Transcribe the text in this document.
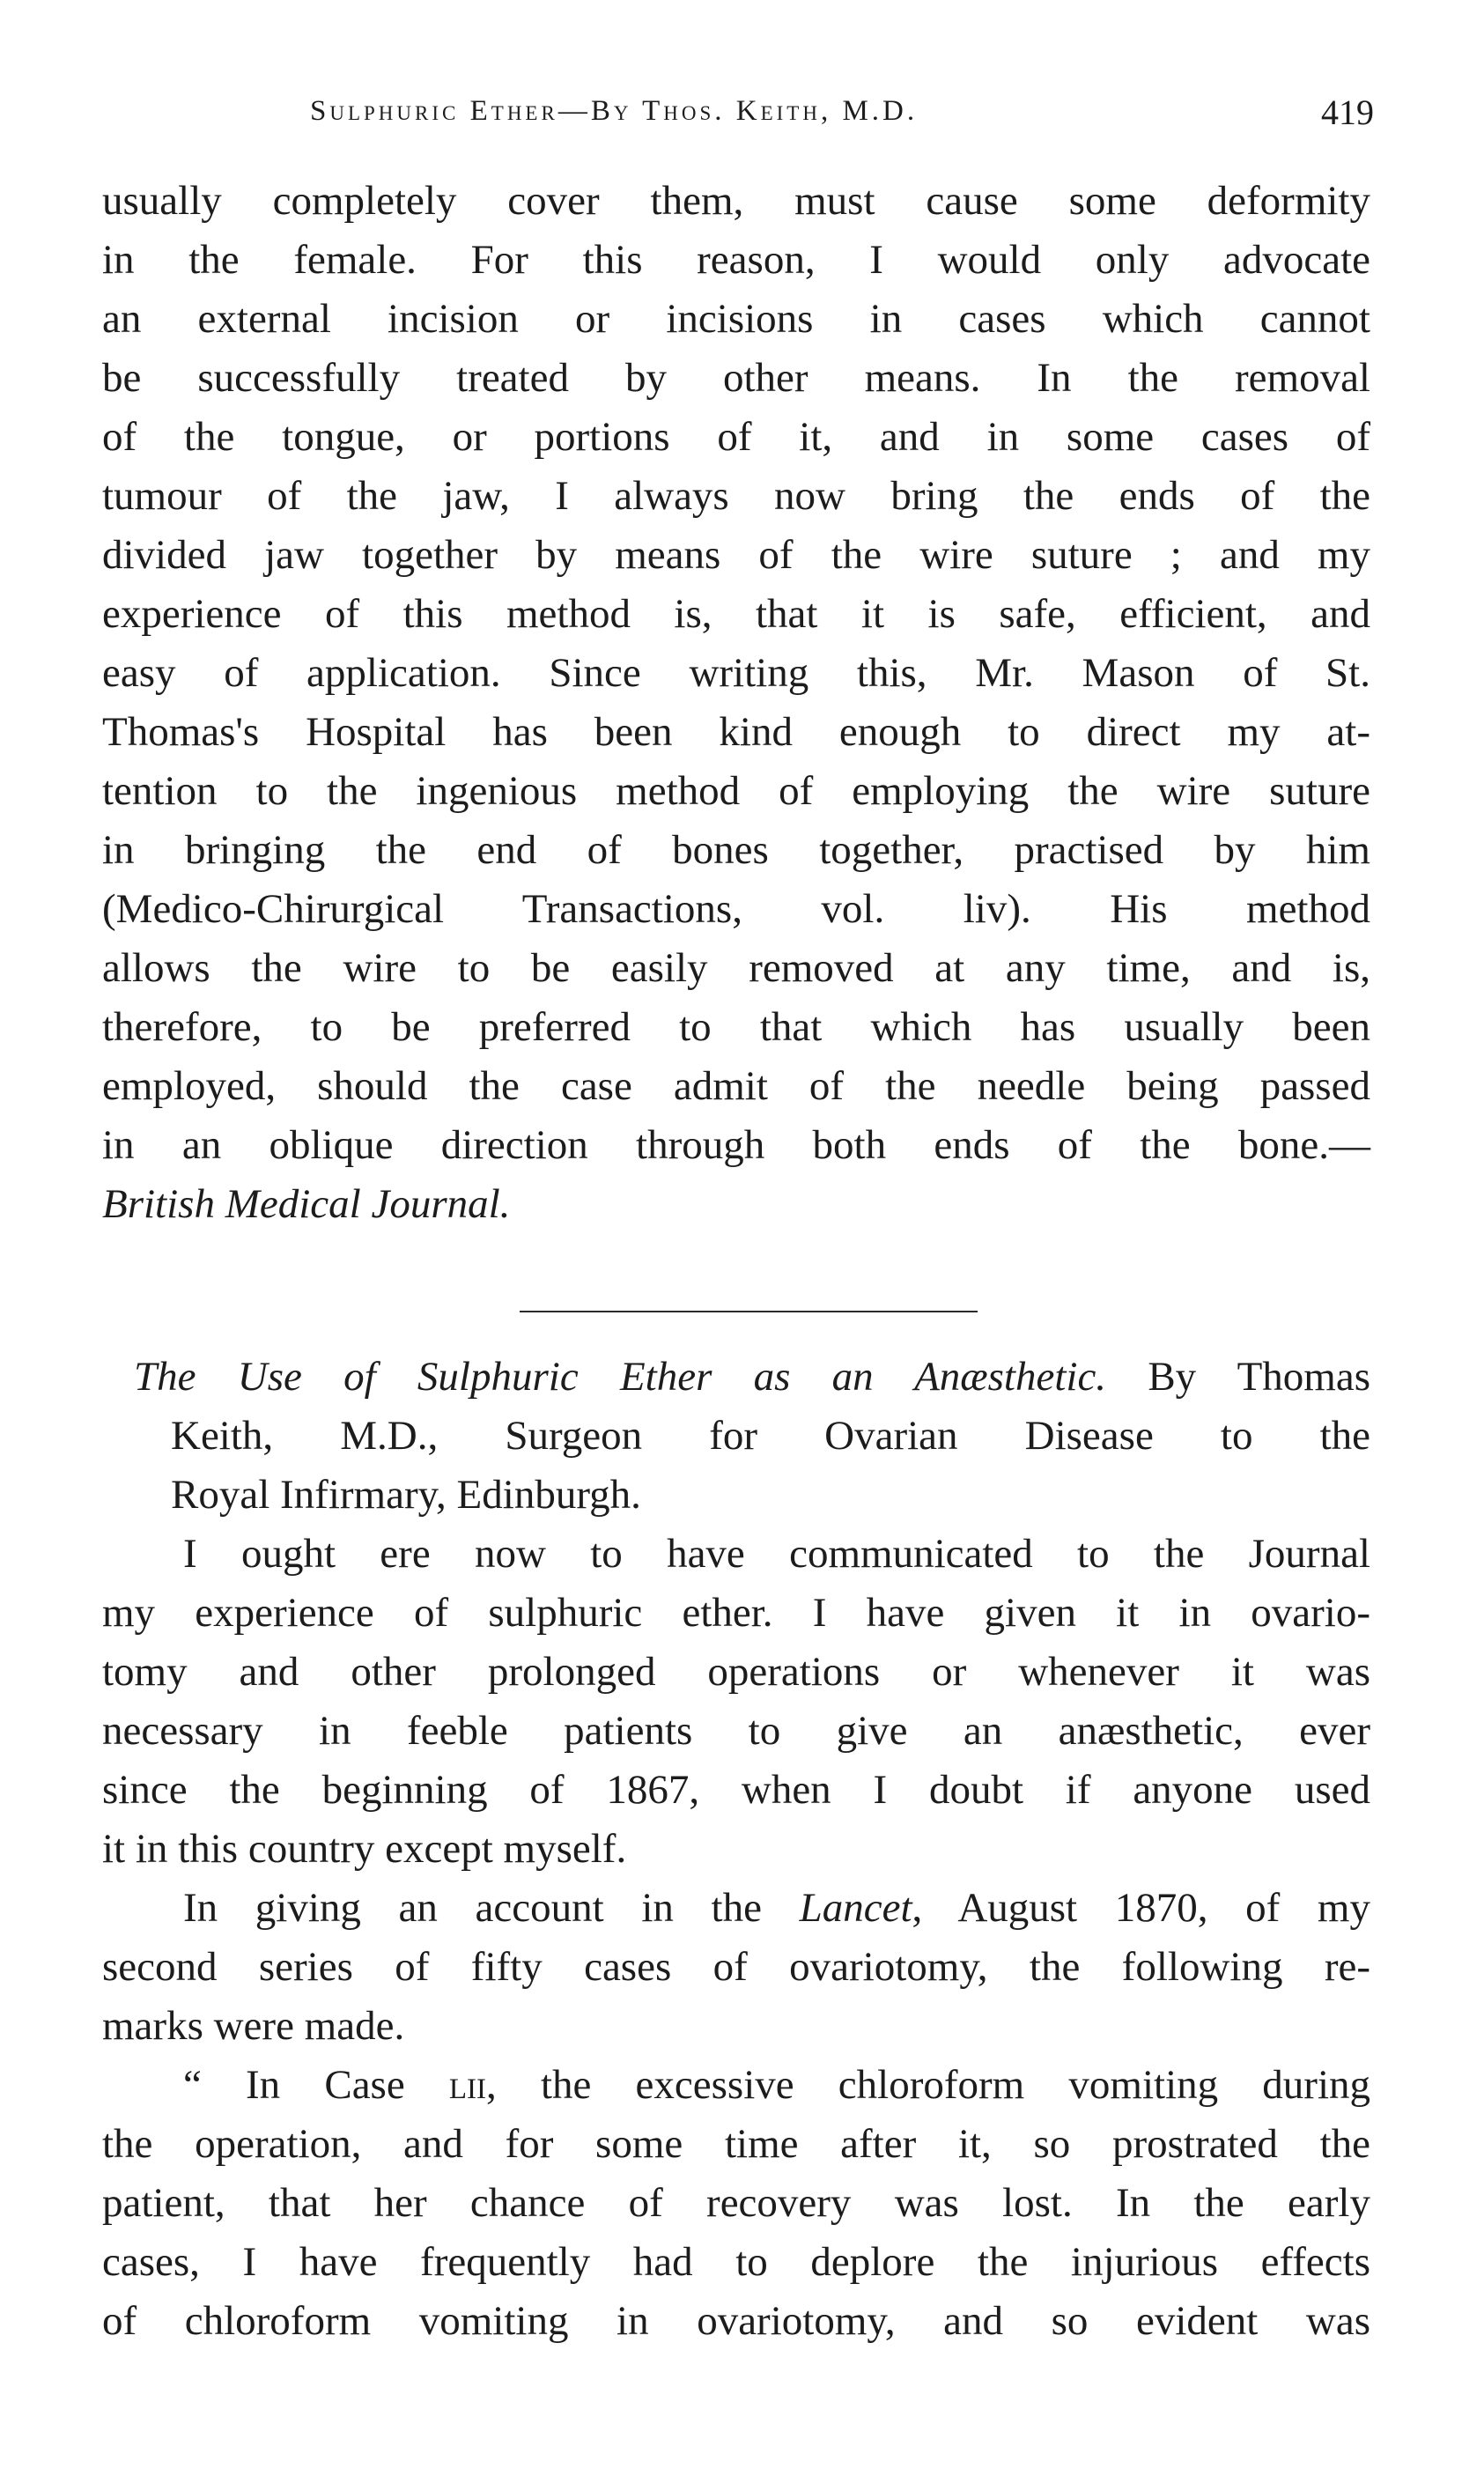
Sulphuric Ether—By Thos. Keith, M.D.	419
usually completely cover them, must cause some deformity
in the female. For this reason, I would only advocate
an external incision or incisions in cases which cannot
be successfully treated by other means. In the removal
of the tongue, or portions of it, and in some cases of
tumour of the jaw, I always now bring the ends of the
divided jaw together by means of the wire suture ; and my
experience of this method is, that it is safe, efficient, and
easy of application. Since writing this, Mr. Mason of St.
Thomas's Hospital has been kind enough to direct my at-
tention to the ingenious method of employing the wire suture
in bringing the end of bones together, practised by him
(Medico-Chirurgical Transactions, vol. liv). His method
allows the wire to be easily removed at any time, and is,
therefore, to be preferred to that which has usually been
employed, should the case admit of the needle being passed
in an oblique direction through both ends of the bone.—
British Medical Journal.
The Use of Sulphuric Ether as an Anæsthetic. By Thomas
Keith, M.D., Surgeon for Ovarian Disease to the
Royal Infirmary, Edinburgh.
I ought ere now to have communicated to the Journal
my experience of sulphuric ether. I have given it in ovario-
tomy and other prolonged operations or whenever it was
necessary in feeble patients to give an anæsthetic, ever
since the beginning of 1867, when I doubt if anyone used
it in this country except myself.
In giving an account in the Lancet, August 1870, of my
second series of fifty cases of ovariotomy, the following re-
marks were made.
“ In Case lii, the excessive chloroform vomiting during
the operation, and for some time after it, so prostrated the
patient, that her chance of recovery was lost. In the early
cases, I have frequently had to deplore the injurious effects
of chloroform vomiting in ovariotomy, and so evident was
